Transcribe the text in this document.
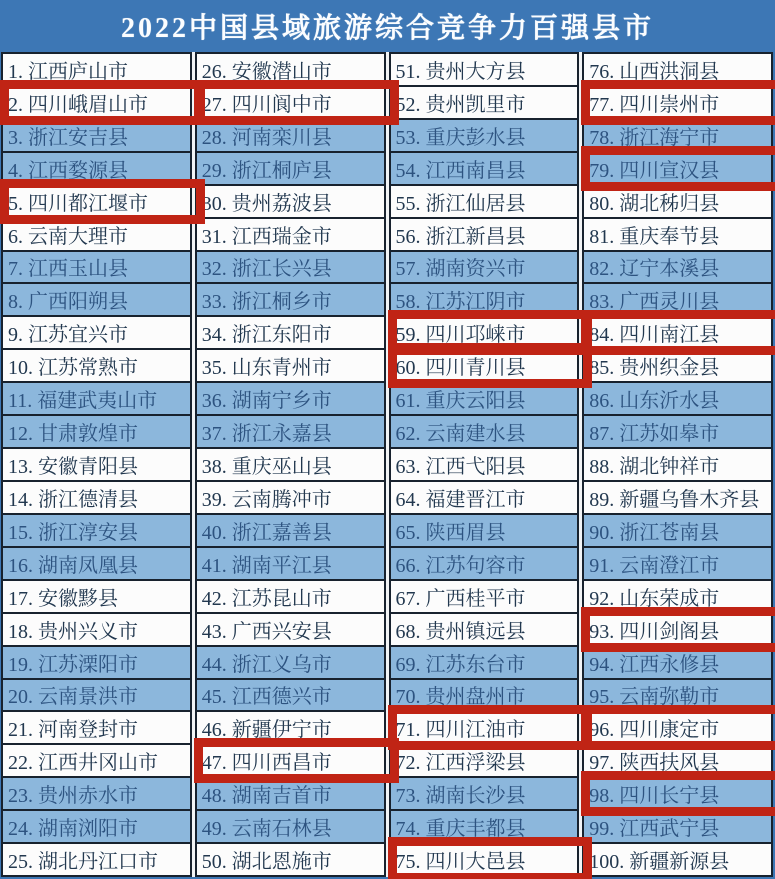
2022中国县域旅游综合竞争力百强县市
1. 江西庐山市
2. 四川峨眉山市
3. 浙江安吉县
4. 江西婺源县
5. 四川都江堰市
6. 云南大理市
7. 江西玉山县
8. 广西阳朔县
9. 江苏宜兴市
10. 江苏常熟市
11. 福建武夷山市
12. 甘肃敦煌市
13. 安徽青阳县
14. 浙江德清县
15. 浙江淳安县
16. 湖南凤凰县
17. 安徽黟县
18. 贵州兴义市
19. 江苏溧阳市
20. 云南景洪市
21. 河南登封市
22. 江西井冈山市
23. 贵州赤水市
24. 湖南浏阳市
25. 湖北丹江口市
26. 安徽潜山市
27. 四川阆中市
28. 河南栾川县
29. 浙江桐庐县
30. 贵州荔波县
31. 江西瑞金市
32. 浙江长兴县
33. 浙江桐乡市
34. 浙江东阳市
35. 山东青州市
36. 湖南宁乡市
37. 浙江永嘉县
38. 重庆巫山县
39. 云南腾冲市
40. 浙江嘉善县
41. 湖南平江县
42. 江苏昆山市
43. 广西兴安县
44. 浙江义乌市
45. 江西德兴市
46. 新疆伊宁市
47. 四川西昌市
48. 湖南吉首市
49. 云南石林县
50. 湖北恩施市
51. 贵州大方县
52. 贵州凯里市
53. 重庆彭水县
54. 江西南昌县
55. 浙江仙居县
56. 浙江新昌县
57. 湖南资兴市
58. 江苏江阴市
59. 四川邛崃市
60. 四川青川县
61. 重庆云阳县
62. 云南建水县
63. 江西弋阳县
64. 福建晋江市
65. 陕西眉县
66. 江苏句容市
67. 广西桂平市
68. 贵州镇远县
69. 江苏东台市
70. 贵州盘州市
71. 四川江油市
72. 江西浮梁县
73. 湖南长沙县
74. 重庆丰都县
75. 四川大邑县
76. 山西洪洞县
77. 四川崇州市
78. 浙江海宁市
79. 四川宣汉县
80. 湖北秭归县
81. 重庆奉节县
82. 辽宁本溪县
83. 广西灵川县
84. 四川南江县
85. 贵州织金县
86. 山东沂水县
87. 江苏如皋市
88. 湖北钟祥市
89. 新疆乌鲁木齐县
90. 浙江苍南县
91. 云南澄江市
92. 山东荣成市
93. 四川剑阁县
94. 江西永修县
95. 云南弥勒市
96. 四川康定市
97. 陕西扶风县
98. 四川长宁县
99. 江西武宁县
100. 新疆新源县
